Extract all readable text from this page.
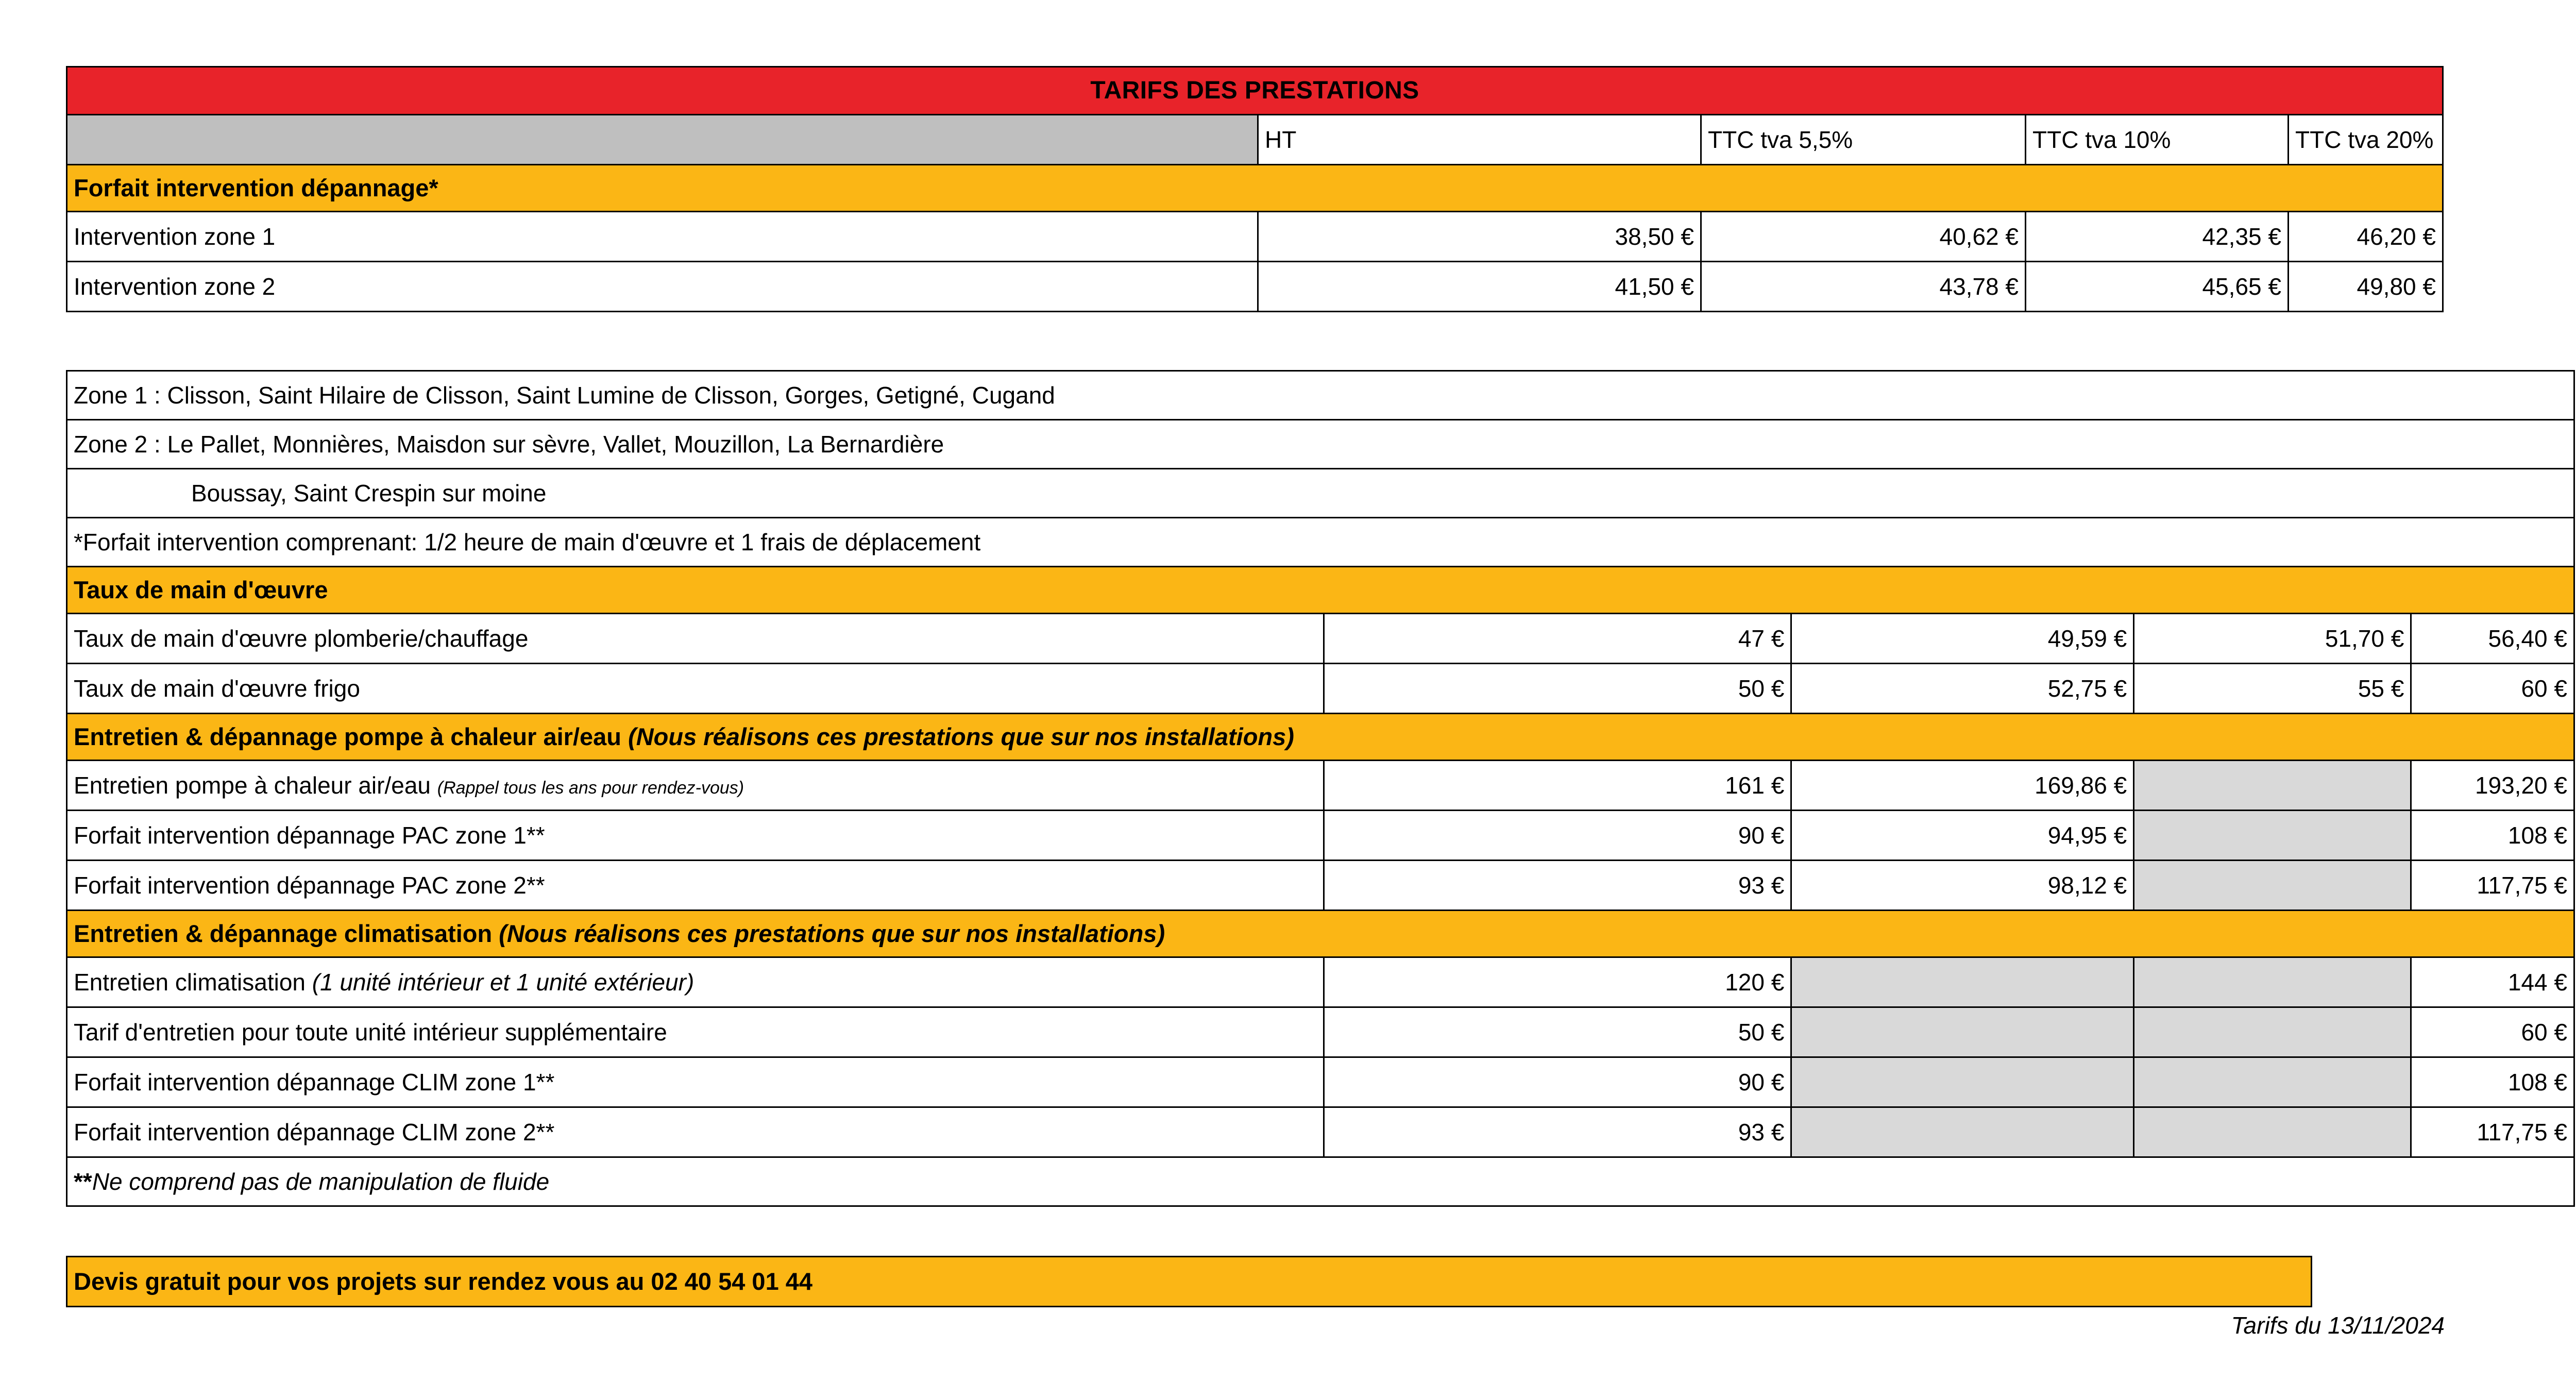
TARIFS DES PRESTATIONS				
	HT	TTC tva 5,5%	TTC tva 10%	TTC tva 20%
Forfait intervention dépannage*				
Intervention zone 1	38,50 €	40,62 €	42,35 €	46,20 €
Intervention zone 2	41,50 €	43,78 €	45,65 €	49,80 €
Zone 1 : Clisson, Saint Hilaire de Clisson, Saint Lumine de Clisson, Gorges, Getigné, Cugand				
Zone 2 : Le Pallet, Monnières, Maisdon sur sèvre, Vallet, Mouzillon, La Bernardière				
Boussay, Saint Crespin sur moine				
*Forfait intervention comprenant: 1/2 heure de main d'œuvre et 1 frais de déplacement				
Taux de main d'œuvre				
Taux de main d'œuvre plomberie/chauffage	47 €	49,59 €	51,70 €	56,40 €
Taux de main d'œuvre frigo	50 €	52,75 €	55 €	60 €
Entretien & dépannage pompe à chaleur air/eau (Nous réalisons ces prestations que sur nos installations)				
Entretien pompe à chaleur air/eau (Rappel tous les ans pour rendez-vous)	161 €	169,86 €		193,20 €
Forfait intervention dépannage PAC zone 1**	90 €	94,95 €		108 €
Forfait intervention dépannage PAC zone 2**	93 €	98,12 €		117,75 €
Entretien & dépannage climatisation (Nous réalisons ces prestations que sur nos installations)				
Entretien climatisation (1 unité intérieur et 1 unité extérieur)	120 €			144 €
Tarif d'entretien pour toute unité intérieur supplémentaire	50 €			60 €
Forfait intervention dépannage CLIM zone 1**	90 €			108 €
Forfait intervention dépannage CLIM zone 2**	93 €			117,75 €
**Ne comprend pas de manipulation de fluide				
Devis gratuit pour vos projets sur rendez vous au 02 40 54 01 44
Tarifs du 13/11/2024
